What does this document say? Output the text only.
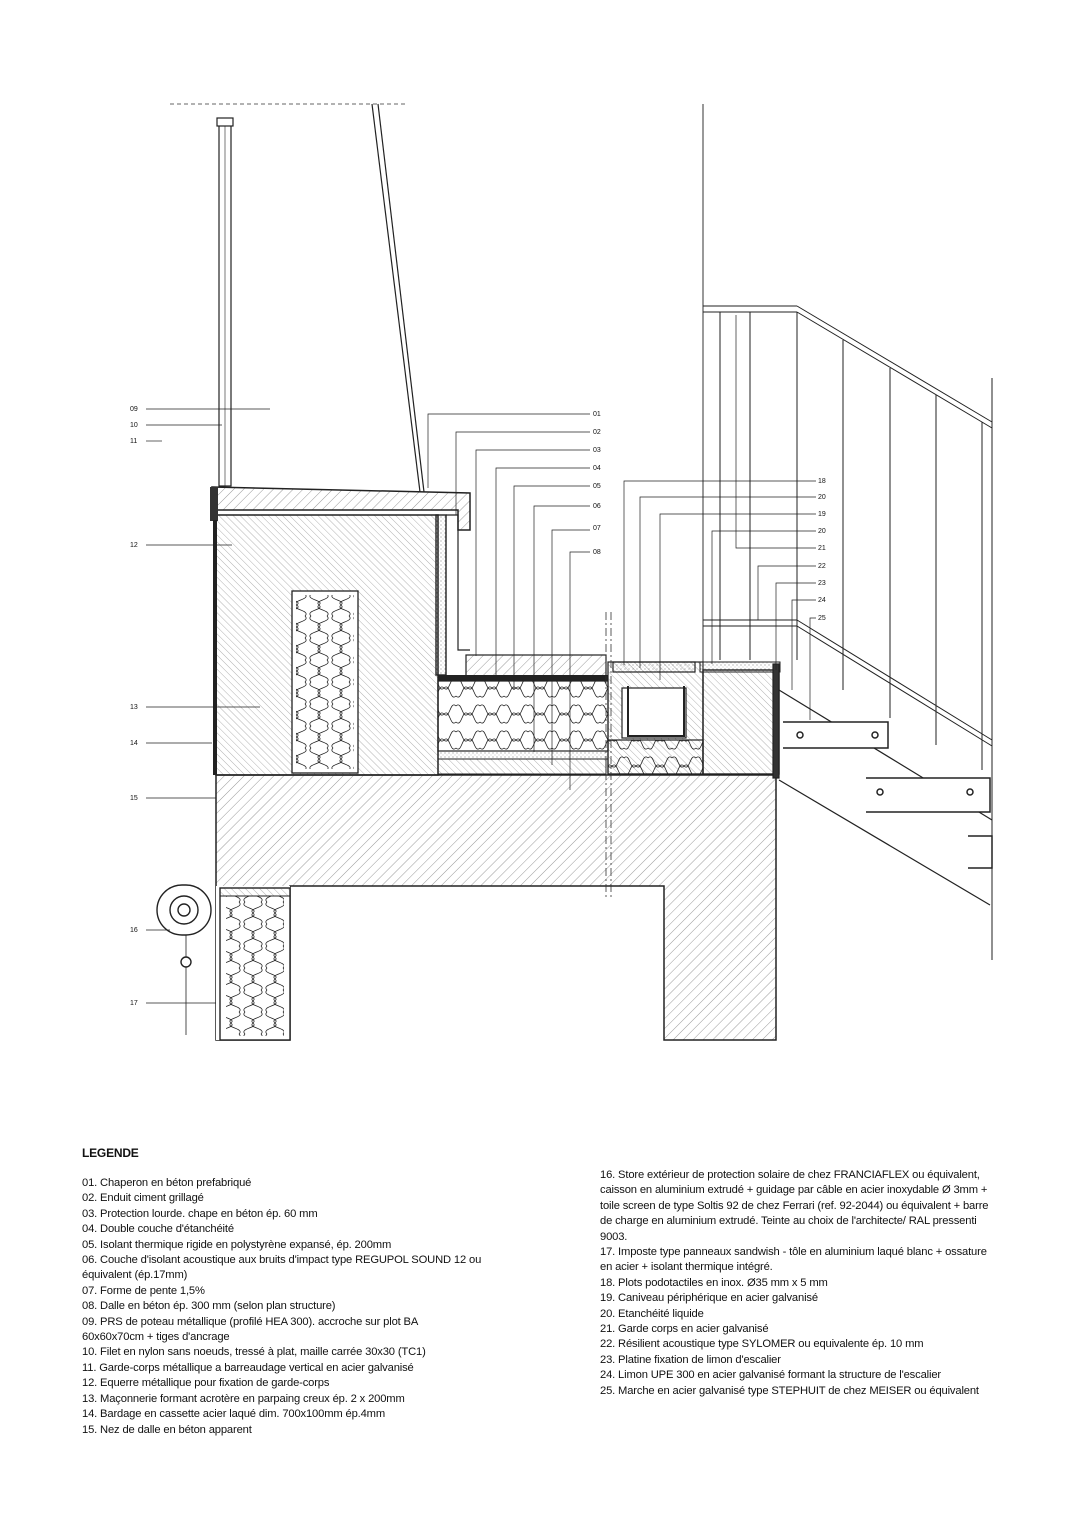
09
10
11
12
13
14
15
16
17
01
02
03
04
05
06
07
08
18
20
19
20
21
22
23
24
25
LEGENDE
01. Chaperon en béton prefabriqué
02. Enduit ciment grillagé
03. Protection lourde. chape en béton ép. 60 mm
04. Double couche d'étanchéité
05. Isolant thermique rigide en polystyrène expansé, ép. 200mm
06. Couche d'isolant acoustique aux bruits d'impact type REGUPOL SOUND 12 ou équivalent (ép.17mm)
07. Forme de pente 1,5%
08. Dalle en béton ép. 300 mm (selon plan structure)
09. PRS de poteau métallique (profilé HEA 300). accroche sur plot BA 60x60x70cm + tiges d'ancrage
10. Filet en nylon sans noeuds, tressé à plat, maille carrée 30x30 (TC1)
11. Garde-corps métallique a barreaudage vertical en acier galvanisé
12. Equerre métallique pour fixation de garde-corps
13. Maçonnerie formant acrotère en parpaing creux ép. 2 x 200mm
14. Bardage en cassette acier laqué dim. 700x100mm ép.4mm
15. Nez de dalle en béton apparent
16. Store extérieur de protection solaire de chez FRANCIAFLEX ou équivalent, caisson en aluminium extrudé + guidage par câble en acier inoxydable Ø 3mm + toile screen de type Soltis 92 de chez Ferrari (ref. 92-2044) ou équivalent + barre de charge en aluminium extrudé. Teinte au choix de l'architecte/ RAL pressenti 9003.
17. Imposte type panneaux sandwish - tôle en aluminium laqué blanc + ossature en acier + isolant thermique intégré.
18. Plots podotactiles en inox. Ø35 mm x 5 mm
19. Caniveau périphérique en acier galvanisé
20. Etanchéité liquide
21. Garde corps en acier galvanisé
22. Résilient acoustique type SYLOMER ou equivalente ép. 10 mm
23. Platine fixation de limon d'escalier
24. Limon UPE 300 en acier galvanisé formant la structure de l'escalier
25. Marche en acier galvanisé type STEPHUIT de chez MEISER ou équivalent
